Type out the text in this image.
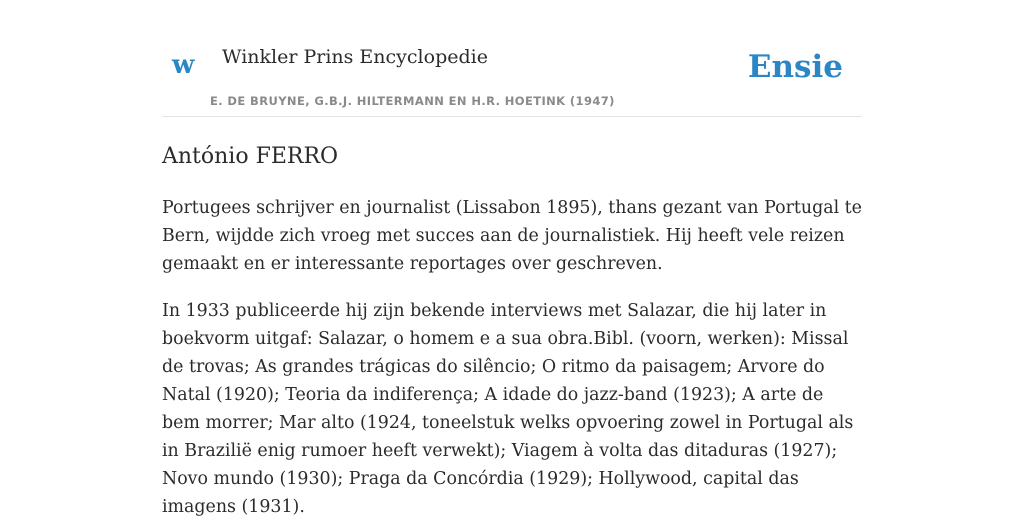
w Winkler Prins Encyclopedie	Ensie
E. DE BRUYNE, G.B.J. HILTERMANN EN H.R. HOETINK (1947)
António FERRO

Portugees schrijver en journalist (Lissabon 1895), thans gezant van Portugal te Bern, wijdde zich vroeg met succes aan de journalistiek. Hij heeft vele reizen gemaakt en er interessante reportages over geschreven.

In 1933 publiceerde hij zijn bekende interviews met Salazar, die hij later in boekvorm uitgaf: Salazar, o homem e a sua obra.Bibl. (voorn, werken): Missal de trovas; As grandes trágicas do silêncio; O ritmo da paisagem; Arvore do Natal (1920); Teoria da indiferença; A idade do jazz-band (1923); A arte de bem morrer; Mar alto (1924, toneelstuk welks opvoering zowel in Portugal als in Brazilië enig rumoer heeft verwekt); Viagem à volta das ditaduras (1927); Novo mundo (1930); Praga da Concórdia (1929); Hollywood, capital das imagens (1931).
